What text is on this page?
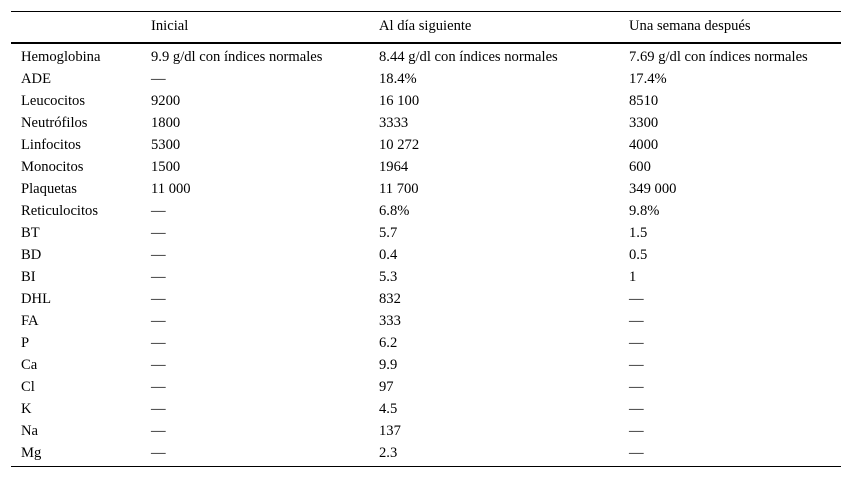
	Inicial	Al día siguiente	Una semana después
Hemoglobina	9.9 g/dl con índices normales	8.44 g/dl con índices normales	7.69 g/dl con índices normales
ADE	—	18.4%	17.4%
Leucocitos	9200	16 100	8510
Neutrófilos	1800	3333	3300
Linfocitos	5300	10 272	4000
Monocitos	1500	1964	600
Plaquetas	11 000	11 700	349 000
Reticulocitos	—	6.8%	9.8%
BT	—	5.7	1.5
BD	—	0.4	0.5
BI	—	5.3	1
DHL	—	832	—
FA	—	333	—
P	—	6.2	—
Ca	—	9.9	—
Cl	—	97	—
K	—	4.5	—
Na	—	137	—
Mg	—	2.3	—
